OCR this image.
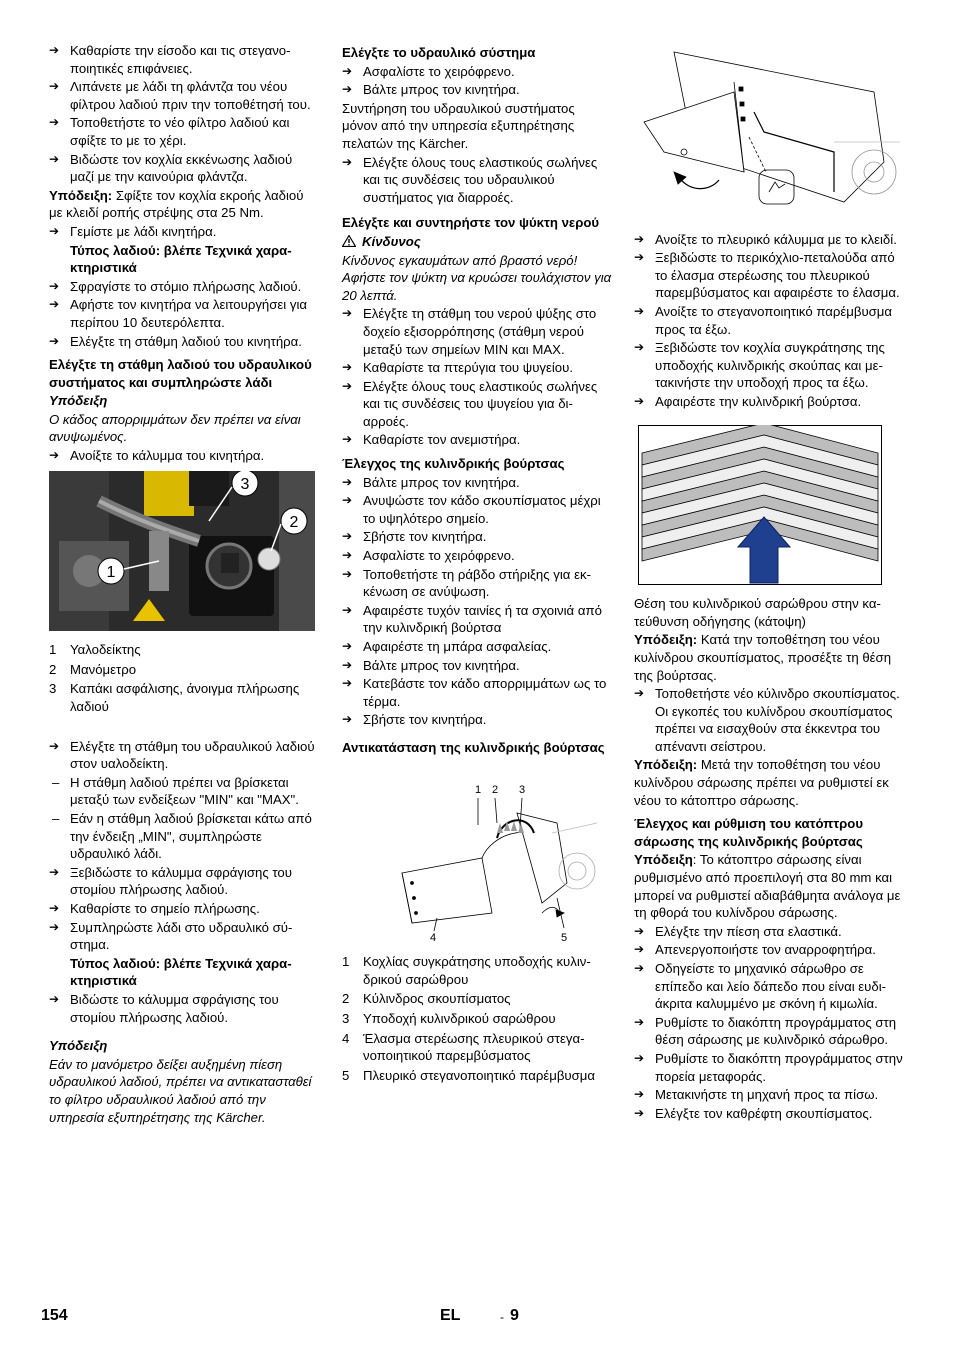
➔ Καθαρίστε την είσοδο και τις στεγανοποιητικές επιφάνειες.
➔ Λιπάνετε με λάδι τη φλάντζα του νέου φίλτρου λαδιού πριν την τοποθέτησή του.
➔ Τοποθετήστε το νέο φίλτρο λαδιού και σφίξτε το με το χέρι.
➔ Βιδώστε τον κοχλία εκκένωσης λαδιού μαζί με την καινούρια φλάντζα.
Υπόδειξη: Σφίξτε τον κοχλία εκροής λαδιού με κλειδί ροπής στρέψης στα 25 Nm.
➔ Γεμίστε με λάδι κινητήρα.
Τύπος λαδιού: βλέπε Τεχνικά χαρακτηριστικά
➔ Σφραγίστε το στόμιο πλήρωσης λαδιού.
➔ Αφήστε τον κινητήρα να λειτουργήσει για περίπου 10 δευτερόλεπτα.
➔ Ελέγξτε τη στάθμη λαδιού του κινητήρα.
Ελέγξτε τη στάθμη λαδιού του υδραυλικού συστήματος και συμπληρώστε λάδι
Υπόδειξη
Ο κάδος απορριμμάτων δεν πρέπει να είναι ανυψωμένος.
➔ Ανοίξτε το κάλυμμα του κινητήρα.
1
2
3
1 Υαλοδείκτης
2 Μανόμετρο
3 Καπάκι ασφάλισης, άνοιγμα πλήρωσης λαδιού
➔ Ελέγξτε τη στάθμη του υδραυλικού λαδιού στον υαλοδείκτη.
– Η στάθμη λαδιού πρέπει να βρίσκεται μεταξύ των ενδείξεων "MIN" και "MAX".
– Εάν η στάθμη λαδιού βρίσκεται κάτω από την ένδειξη „MIN", συμπληρώστε υδραυλικό λάδι.
➔ Ξεβιδώστε το κάλυμμα σφράγισης του στομίου πλήρωσης λαδιού.
➔ Καθαρίστε το σημείο πλήρωσης.
➔ Συμπληρώστε λάδι στο υδραυλικό σύστημα.
Τύπος λαδιού: βλέπε Τεχνικά χαρακτηριστικά
➔ Βιδώστε το κάλυμμα σφράγισης του στομίου πλήρωσης λαδιού.
Υπόδειξη
Εάν το μανόμετρο δείξει αυξημένη πίεση υδραυλικού λαδιού, πρέπει να αντικατασταθεί το φίλτρο υδραυλικού λαδιού από την υπηρεσία εξυπηρέτησης της Kärcher.
Ελέγξτε το υδραυλικό σύστημα
➔ Ασφαλίστε το χειρόφρενο.
➔ Βάλτε μπρος τον κινητήρα.
Συντήρηση του υδραυλικού συστήματος μόνον από την υπηρεσία εξυπηρέτησης πελατών της Kärcher.
➔ Ελέγξτε όλους τους ελαστικούς σωλήνες και τις συνδέσεις του υδραυλικού συστήματος για διαρροές.
Ελέγξτε και συντηρήστε τον ψύκτη νερού
Κίνδυνος
Κίνδυνος εγκαυμάτων από βραστό νερό! Αφήστε τον ψύκτη να κρυώσει τουλάχιστον για 20 λεπτά.
➔ Ελέγξτε τη στάθμη του νερού ψύξης στο δοχείο εξισορρόπησης (στάθμη νερού μεταξύ των σημείων MIN και MAX.
➔ Καθαρίστε τα πτερύγια του ψυγείου.
➔ Ελέγξτε όλους τους ελαστικούς σωλήνες και τις συνδέσεις του ψυγείου για διαρροές.
➔ Καθαρίστε τον ανεμιστήρα.
Έλεγχος της κυλινδρικής βούρτσας
➔ Βάλτε μπρος τον κινητήρα.
➔ Ανυψώστε τον κάδο σκουπίσματος μέχρι το υψηλότερο σημείο.
➔ Σβήστε τον κινητήρα.
➔ Ασφαλίστε το χειρόφρενο.
➔ Τοποθετήστε τη ράβδο στήριξης για εκκένωση σε ανύψωση.
➔ Αφαιρέστε τυχόν ταινίες ή τα σχοινιά από την κυλινδρική βούρτσα
➔ Αφαιρέστε τη μπάρα ασφαλείας.
➔ Βάλτε μπρος τον κινητήρα.
➔ Κατεβάστε τον κάδο απορριμμάτων ως το τέρμα.
➔ Σβήστε τον κινητήρα.
Αντικατάσταση της κυλινδρικής βούρτσας
1 2 3
4	5
1 Κοχλίας συγκράτησης υποδοχής κυλινδρικού σαρώθρου
2 Κύλινδρος σκουπίσματος
3 Υποδοχή κυλινδρικού σαρώθρου
4 Έλασμα στερέωσης πλευρικού στεγανοποιητικού παρεμβύσματος
5 Πλευρικό στεγανοποιητικό παρέμβυσμα
➔ Ανοίξτε το πλευρικό κάλυμμα με το κλειδί.
➔ Ξεβιδώστε το περικόχλιο-πεταλούδα από το έλασμα στερέωσης του πλευρικού παρεμβύσματος και αφαιρέστε το έλασμα.
➔ Ανοίξτε το στεγανοποιητικό παρέμβυσμα προς τα έξω.
➔ Ξεβιδώστε τον κοχλία συγκράτησης της υποδοχής κυλινδρικής σκούπας και μετακινήστε την υποδοχή προς τα έξω.
➔ Αφαιρέστε την κυλινδρική βούρτσα.
Θέση του κυλινδρικού σαρώθρου στην κατεύθυνση οδήγησης (κάτοψη)
Υπόδειξη: Κατά την τοποθέτηση του νέου κυλίνδρου σκουπίσματος, προσέξτε τη θέση της βούρτσας.
➔ Τοποθετήστε νέο κύλινδρο σκουπίσματος. Οι εγκοπές του κυλίνδρου σκουπίσματος πρέπει να εισαχθούν στα έκκεντρα του απέναντι σείστρου.
Υπόδειξη: Μετά την τοποθέτηση του νέου κυλίνδρου σάρωσης πρέπει να ρυθμιστεί εκ νέου το κάτοπτρο σάρωσης.
Έλεγχος και ρύθμιση του κατόπτρου σάρωσης της κυλινδρικής βούρτσας
Υπόδειξη: Το κάτοπτρο σάρωσης είναι ρυθμισμένο από προεπιλογή στα 80 mm και μπορεί να ρυθμιστεί αδιαβάθμητα ανάλογα με τη φθορά του κυλίνδρου σάρωσης.
➔ Ελέγξτε την πίεση στα ελαστικά.
➔ Απενεργοποιήστε τον αναρροφητήρα.
➔ Οδηγείστε το μηχανικό σάρωθρο σε επίπεδο και λείο δάπεδο που είναι ευδιάκριτα καλυμμένο με σκόνη ή κιμωλία.
➔ Ρυθμίστε το διακόπτη προγράμματος στη θέση σάρωσης με κυλινδρικό σάρωθρο.
➔ Ρυθμίστε το διακόπτη προγράμματος στην πορεία μεταφοράς.
➔ Μετακινήστε τη μηχανή προς τα πίσω.
➔ Ελέγξτε τον καθρέφτη σκουπίσματος.
154	EL	- 9
